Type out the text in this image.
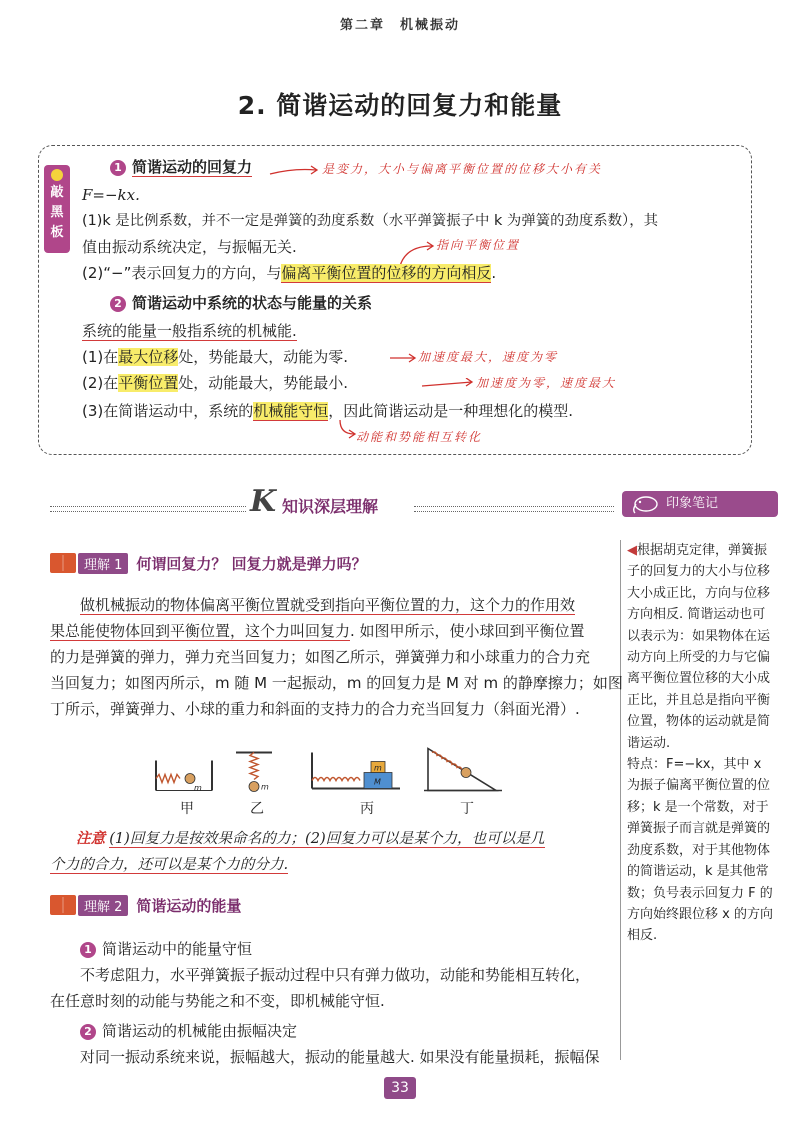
第二章　机械振动
2. 简谐运动的回复力和能量
敲黑板
1 简谐运动的回复力	是变力，大小与偏离平衡位置的位移大小有关
F=−kx.
(1)k 是比例系数，并不一定是弹簧的劲度系数（水平弹簧振子中 k 为弹簧的劲度系数），其
值由振动系统决定，与振幅无关.	指向平衡位置
(2)“−”表示回复力的方向，与偏离平衡位置的位移的方向相反.
2 简谐运动中系统的状态与能量的关系
系统的能量一般指系统的机械能.
(1)在最大位移处，势能最大，动能为零.	加速度最大，速度为零
(2)在平衡位置处，动能最大，势能最小.	加速度为零，速度最大
(3)在简谐运动中，系统的机械能守恒，因此简谐运动是一种理想化的模型.
动能和势能相互转化
K 知识深层理解	印象笔记
◀根据胡克定律，弹簧振子的回复力的大小与位移大小成正比，方向与位移方向相反. 简谐运动也可以表示为：如果物体在运动方向上所受的力与它偏离平衡位置位移的大小成正比，并且总是指向平衡位置，物体的运动就是简谐运动.
特点：F=−kx，其中 x 为振子偏离平衡位置的位移；k 是一个常数，对于弹簧振子而言就是弹簧的劲度系数，对于其他物体的简谐运动，k 是其他常数；负号表示回复力 F 的方向始终跟位移 x 的方向相反.
理解 1 何谓回复力？ 回复力就是弹力吗？
做机械振动的物体偏离平衡位置就受到指向平衡位置的力，这个力的作用效
果总能使物体回到平衡位置，这个力叫回复力. 如图甲所示，使小球回到平衡位置
的力是弹簧的弹力，弹力充当回复力；如图乙所示，弹簧弹力和小球重力的合力充
当回复力；如图丙所示，m 随 M 一起振动，m 的回复力是 M 对 m 的静摩擦力；如图
丁所示，弹簧弹力、小球的重力和斜面的支持力的合力充当回复力（斜面光滑）.
m	m
m
M
甲	乙	丙	丁
注意 (1)回复力是按效果命名的力；(2)回复力可以是某个力，也可以是几
个力的合力，还可以是某个力的分力.
理解 2 简谐运动的能量
1 简谐运动中的能量守恒
不考虑阻力，水平弹簧振子振动过程中只有弹力做功，动能和势能相互转化，
在任意时刻的动能与势能之和不变，即机械能守恒.
2 简谐运动的机械能由振幅决定
对同一振动系统来说，振幅越大，振动的能量越大. 如果没有能量损耗，振幅保
33
